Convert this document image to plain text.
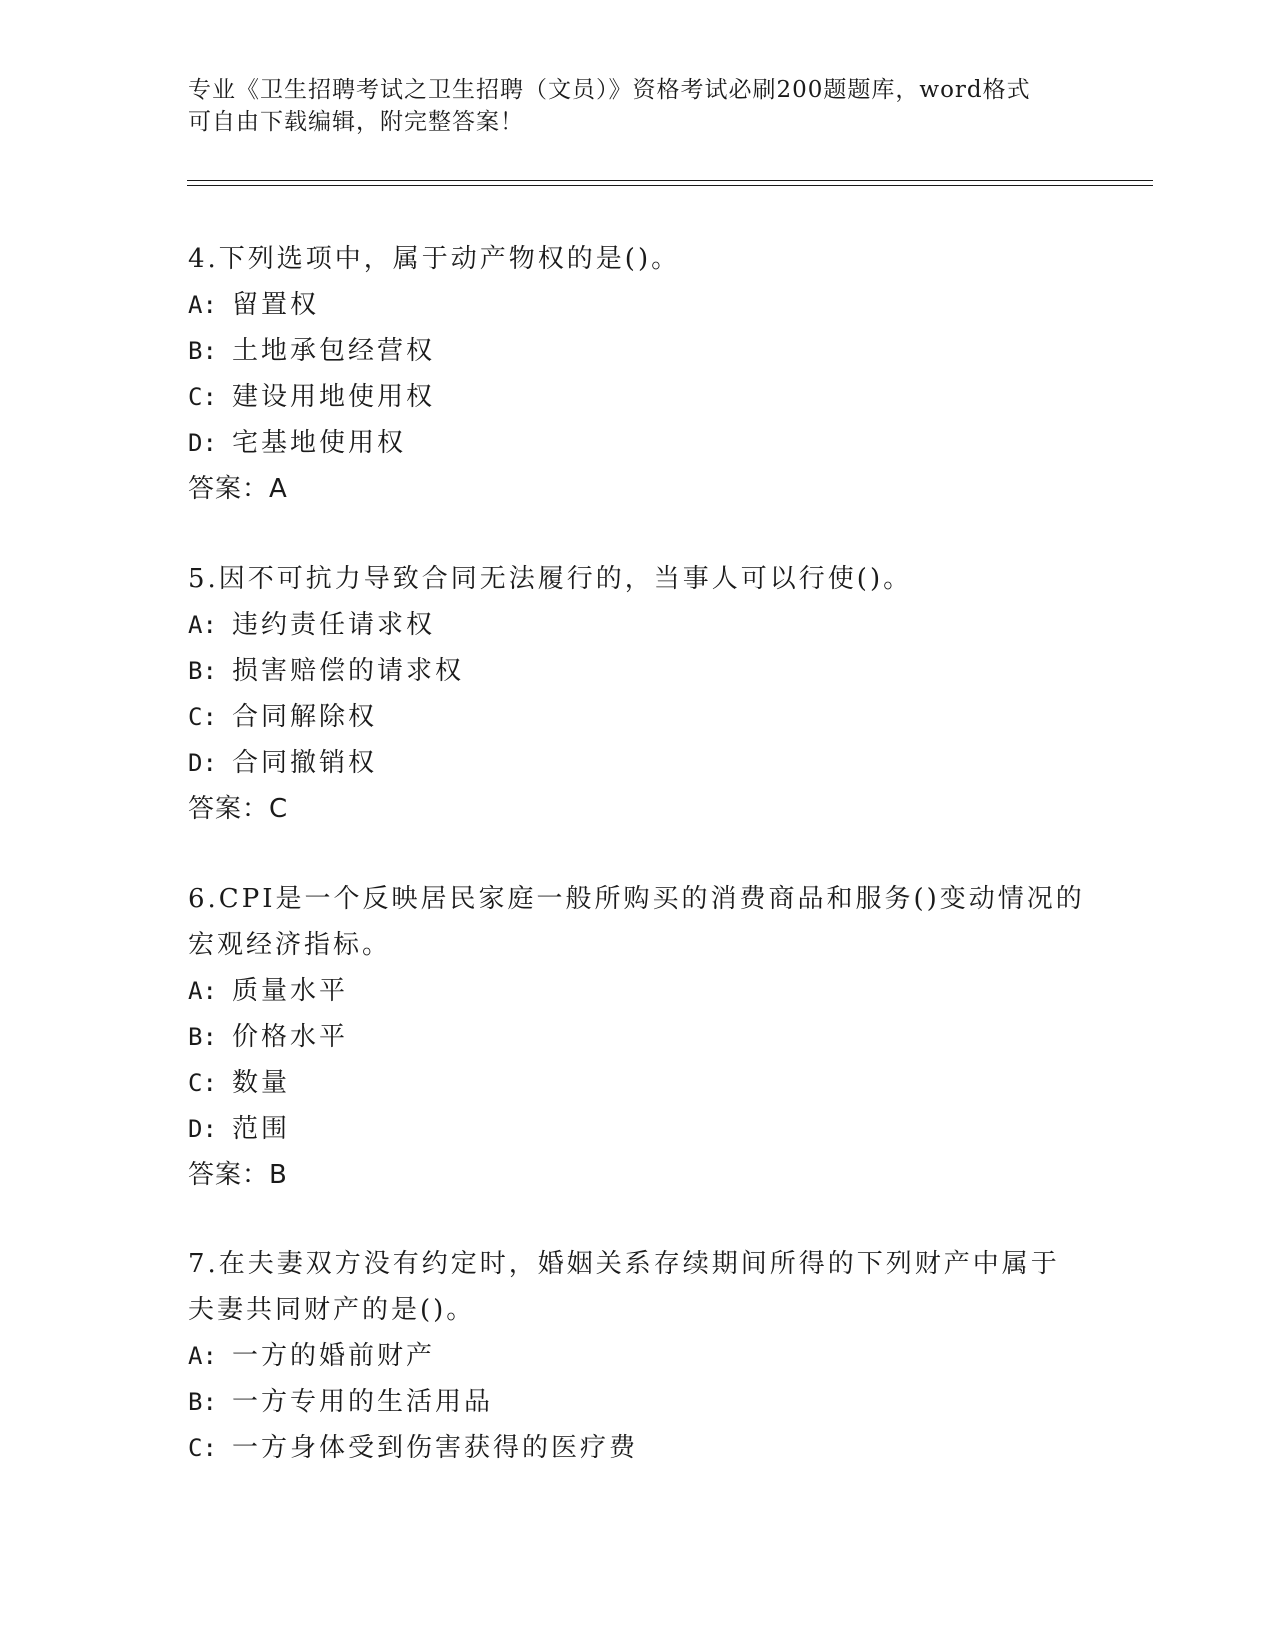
专业《卫生招聘考试之卫生招聘（文员）》资格考试必刷200题题库，word格式
可自由下载编辑，附完整答案！
4.下列选项中，属于动产物权的是()。
A: 留置权
B: 土地承包经营权
C: 建设用地使用权
D: 宅基地使用权
答案：A
5.因不可抗力导致合同无法履行的，当事人可以行使()。
A: 违约责任请求权
B: 损害赔偿的请求权
C: 合同解除权
D: 合同撤销权
答案：C
6.CPI是一个反映居民家庭一般所购买的消费商品和服务()变动情况的
宏观经济指标。
A: 质量水平
B: 价格水平
C: 数量
D: 范围
答案：B
7.在夫妻双方没有约定时，婚姻关系存续期间所得的下列财产中属于
夫妻共同财产的是()。
A: 一方的婚前财产
B: 一方专用的生活用品
C: 一方身体受到伤害获得的医疗费
